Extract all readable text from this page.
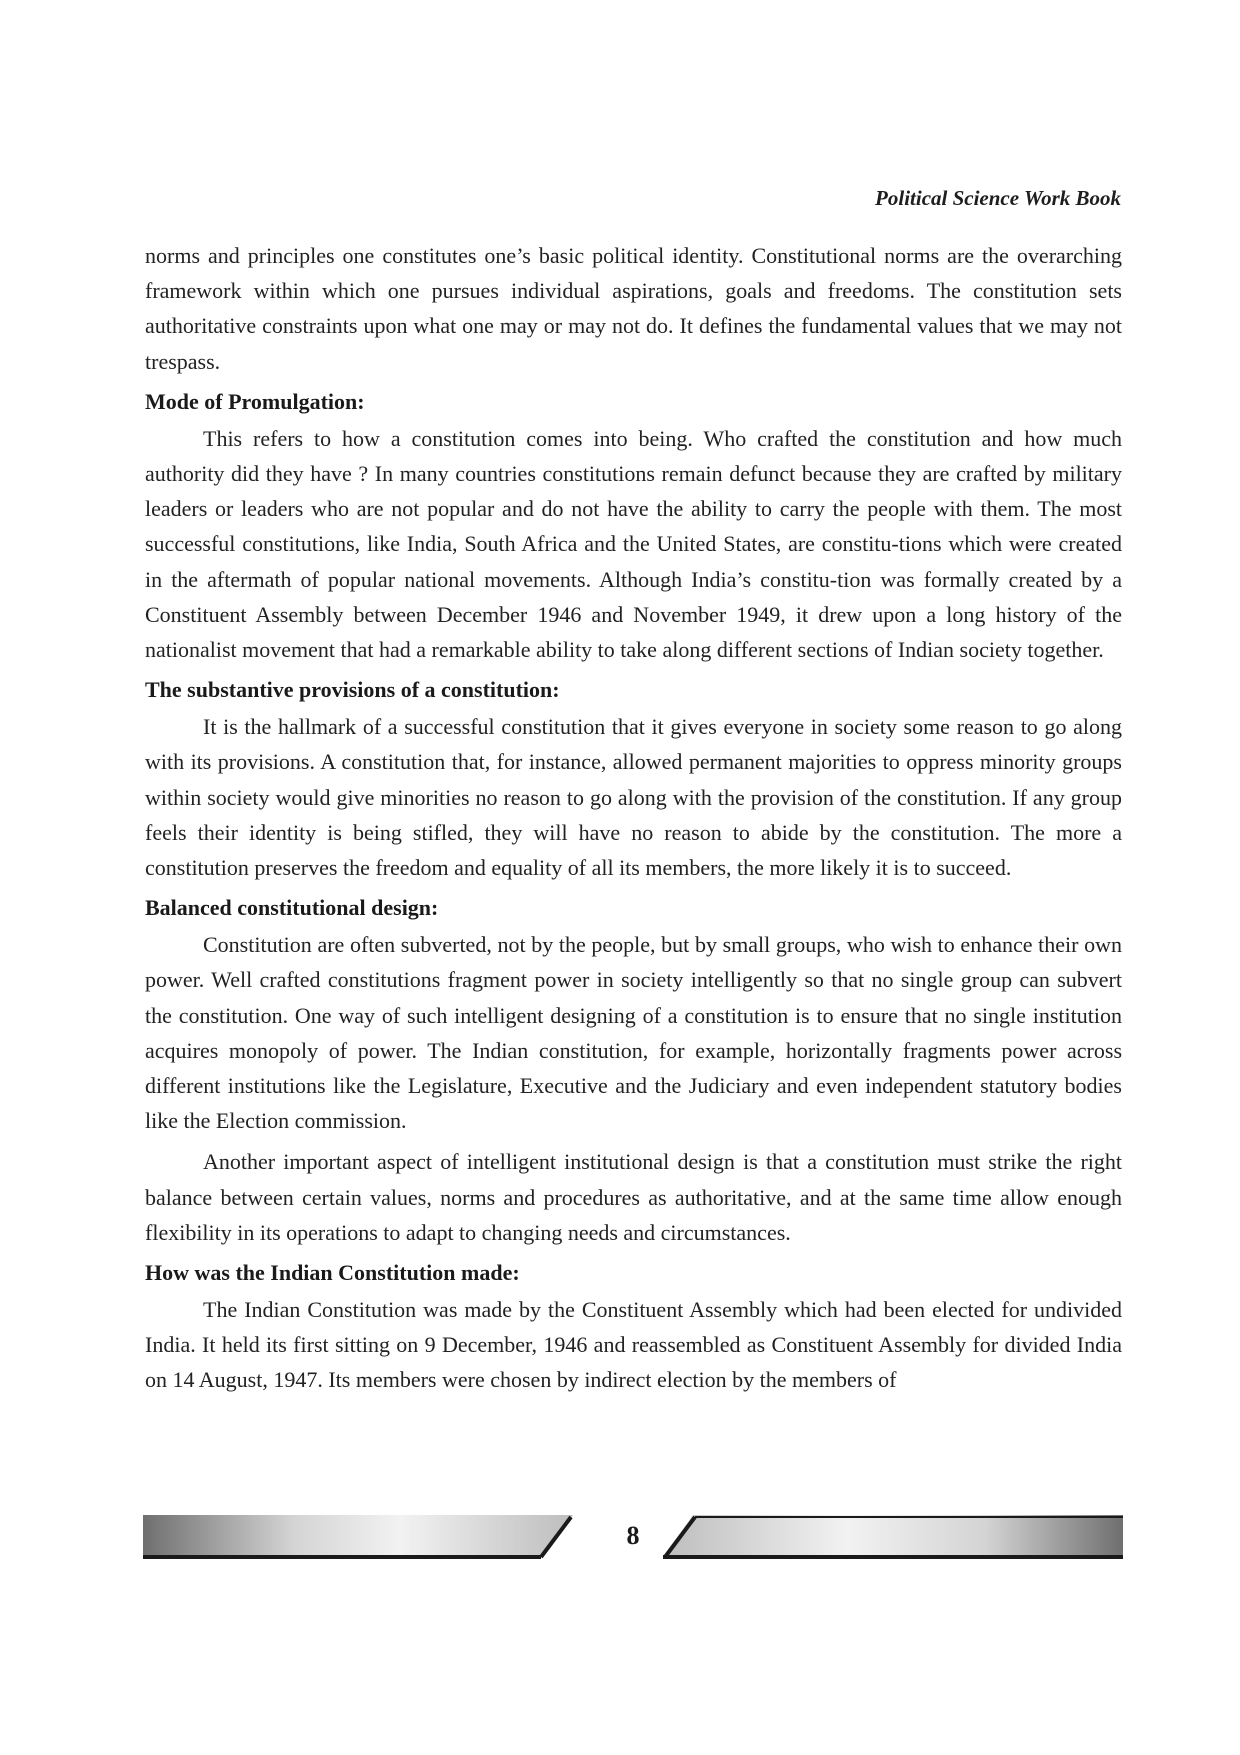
Political Science Work Book

norms and principles one constitutes one’s basic political identity. Constitutional norms are the overarching framework within which one pursues individual aspirations, goals and freedoms. The constitution sets authoritative constraints upon what one may or may not do. It defines the fundamental values that we may not trespass.

Mode of Promulgation:

This refers to how a constitution comes into being. Who crafted the constitution and how much authority did they have ? In many countries constitutions remain defunct because they are crafted by military leaders or leaders who are not popular and do not have the ability to carry the people with them. The most successful constitutions, like India, South Africa and the United States, are constitu-tions which were created in the aftermath of popular national movements. Although India’s constitu-tion was formally created by a Constituent Assembly between December 1946 and November 1949, it drew upon a long history of the nationalist movement that had a remarkable ability to take along different sections of Indian society together.

The substantive provisions of a constitution:

It is the hallmark of a successful constitution that it gives everyone in society some reason to go along with its provisions. A constitution that, for instance, allowed permanent majorities to oppress minority groups within society would give minorities no reason to go along with the provision of the constitution. If any group feels their identity is being stifled, they will have no reason to abide by the constitution. The more a constitution preserves the freedom and equality of all its members, the more likely it is to succeed.

Balanced constitutional design:

Constitution are often subverted, not by the people, but by small groups, who wish to enhance their own power. Well crafted constitutions fragment power in society intelligently so that no single group can subvert the constitution. One way of such intelligent designing of a constitution is to ensure that no single institution acquires monopoly of power. The Indian constitution, for example, horizontally fragments power across different institutions like the Legislature, Executive and the Judiciary and even independent statutory bodies like the Election commission.

Another important aspect of intelligent institutional design is that a constitution must strike the right balance between certain values, norms and procedures as authoritative, and at the same time allow enough flexibility in its operations to adapt to changing needs and circumstances.

How was the Indian Constitution made:

The Indian Constitution was made by the Constituent Assembly which had been elected for undivided India. It held its first sitting on 9 December, 1946 and reassembled as Constituent Assembly for divided India on 14 August, 1947. Its members were chosen by indirect election by the members of

8
